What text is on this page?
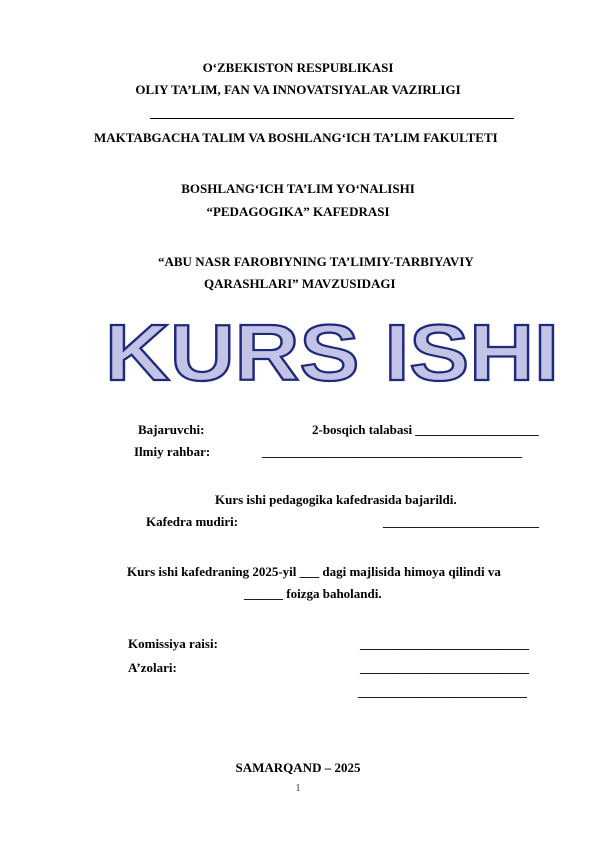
O‘ZBEKISTON RESPUBLIKASI
OLIY TA’LIM, FAN VA INNOVATSIYALAR VAZIRLIGI
MAKTABGACHA TALIM VA BOSHLANG‘ICH TA’LIM FAKULTETI
BOSHLANG‘ICH TA’LIM YO‘NALISHI
“PEDAGOGIKA” KAFEDRASI
“ABU NASR FAROBIYNING TA’LIMIY-TARBIYAVIY
QARASHLARI” MAVZUSIDAGI
KURS ISHI
Bajaruvchi:	2-bosqich talabasi ___________________
Ilmiy rahbar:	________________________________________
Kurs ishi pedagogika kafedrasida bajarildi.
Kafedra mudiri:	________________________
Kurs ishi kafedraning 2025-yil ___ dagi majlisida himoya qilindi va
______ foizga baholandi.
Komissiya raisi:	__________________________
A’zolari:	__________________________
__________________________
SAMARQAND – 2025
1
